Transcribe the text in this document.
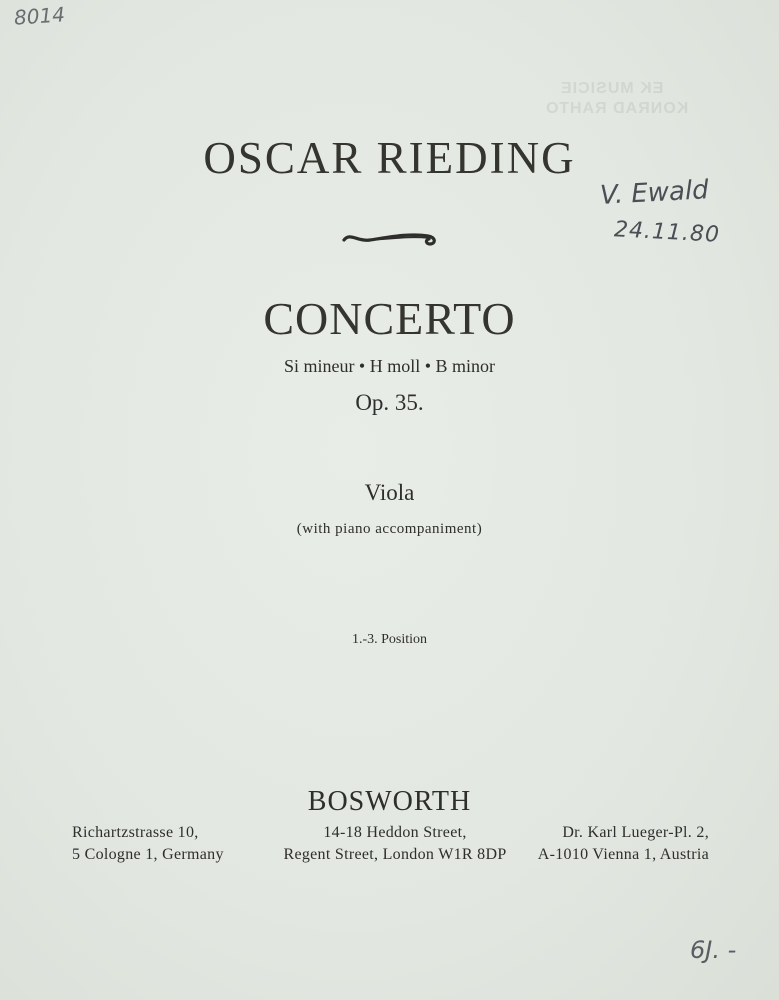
EK MUSICIE
KONRAD RAHTO
8014
OSCAR RIEDING
V. Ewald
24.11.80
CONCERTO
Si mineur • H moll • B minor
Op. 35.
Viola
(with piano accompaniment)
1.-3. Position
BOSWORTH
Richartzstrasse 10,
5 Cologne 1, Germany
14-18 Heddon Street,
Regent Street, London W1R 8DP
Dr. Karl Lueger-Pl. 2,
A-1010 Vienna 1, Austria
6J. -
